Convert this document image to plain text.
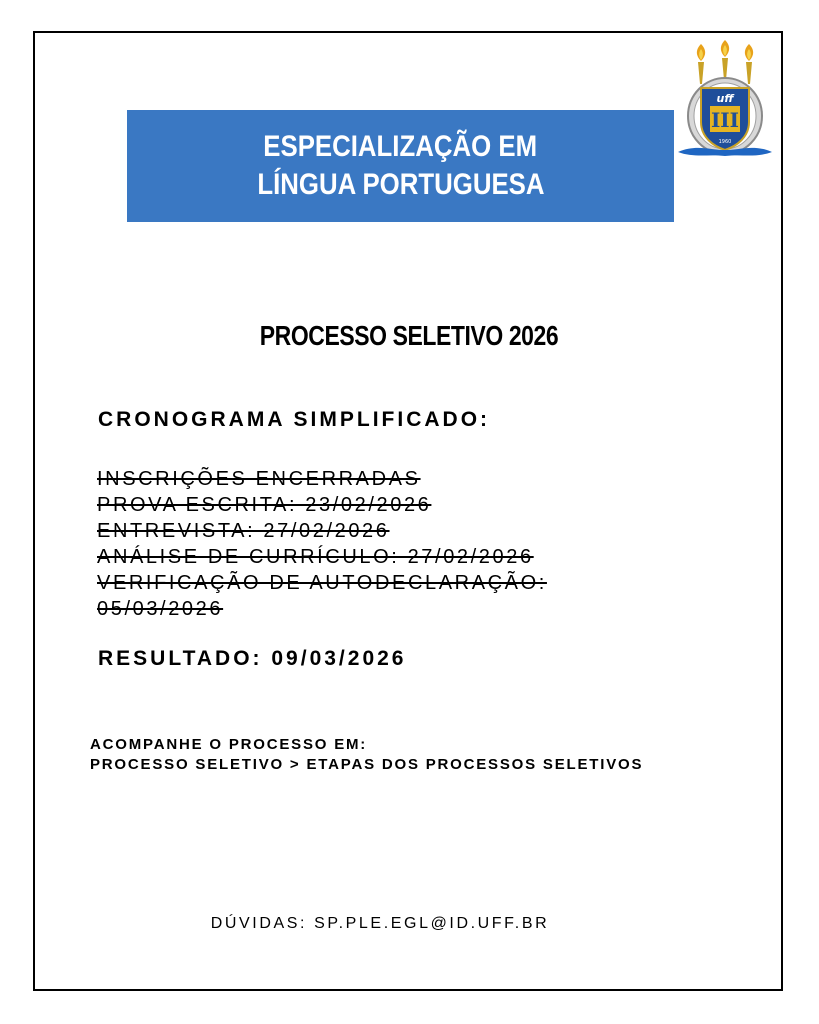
ESPECIALIZAÇÃO EM
LÍNGUA PORTUGUESA
uff
III
1960
PROCESSO SELETIVO 2026
CRONOGRAMA SIMPLIFICADO:
INSCRIÇÕES ENCERRADAS
PROVA ESCRITA: 23/02/2026
ENTREVISTA: 27/02/2026
ANÁLISE DE CURRÍCULO: 27/02/2026
VERIFICAÇÃO DE AUTODECLARAÇÃO:
05/03/2026
RESULTADO: 09/03/2026
ACOMPANHE O PROCESSO EM:
PROCESSO SELETIVO > ETAPAS DOS PROCESSOS SELETIVOS
DÚVIDAS: SP.PLE.EGL@ID.UFF.BR
